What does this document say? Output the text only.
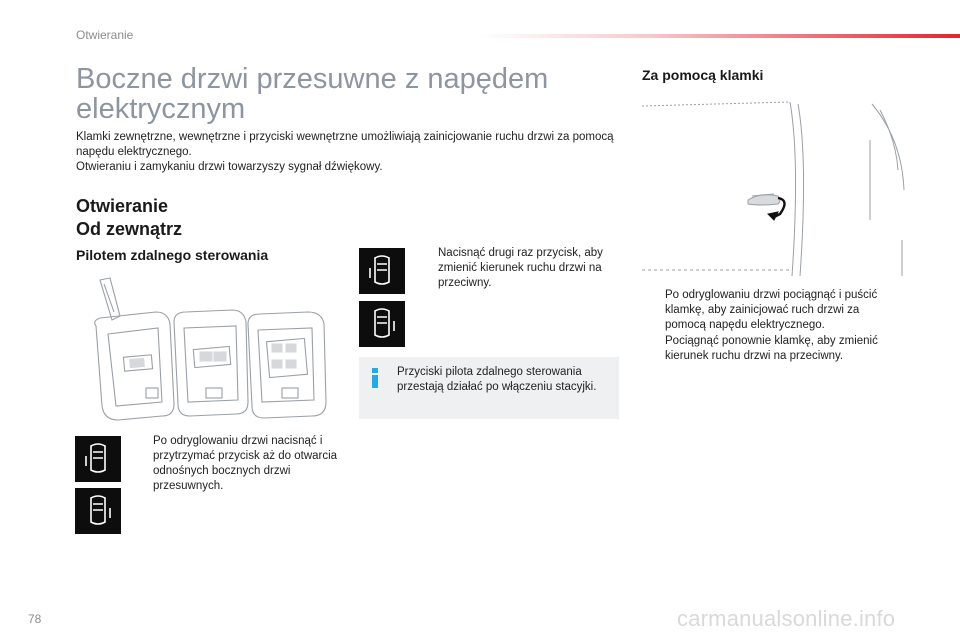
Otwieranie
Boczne drzwi przesuwne z napędem elektrycznym

Klamki zewnętrzne, wewnętrzne i przyciski wewnętrzne umożliwiają zainicjowanie ruchu drzwi za pomocą napędu elektrycznego.

Otwieraniu i zamykaniu drzwi towarzyszy sygnał dźwiękowy.

Otwieranie
Od zewnątrz
Pilotem zdalnego sterowania
Po odryglowaniu drzwi nacisnąć i przytrzymać przycisk aż do otwarcia odnośnych bocznych drzwi przesuwnych.
Nacisnąć drugi raz przycisk, aby zmienić kierunek ruchu drzwi na przeciwny.
Przyciski pilota zdalnego sterowania przestają działać po włączeniu stacyjki.
Za pomocą klamki
Po odryglowaniu drzwi pociągnąć i puścić klamkę, aby zainicjować ruch drzwi za pomocą napędu elektrycznego.
Pociągnąć ponownie klamkę, aby zmienić kierunek ruchu drzwi na przeciwny.
78	carmanualsonline.info
